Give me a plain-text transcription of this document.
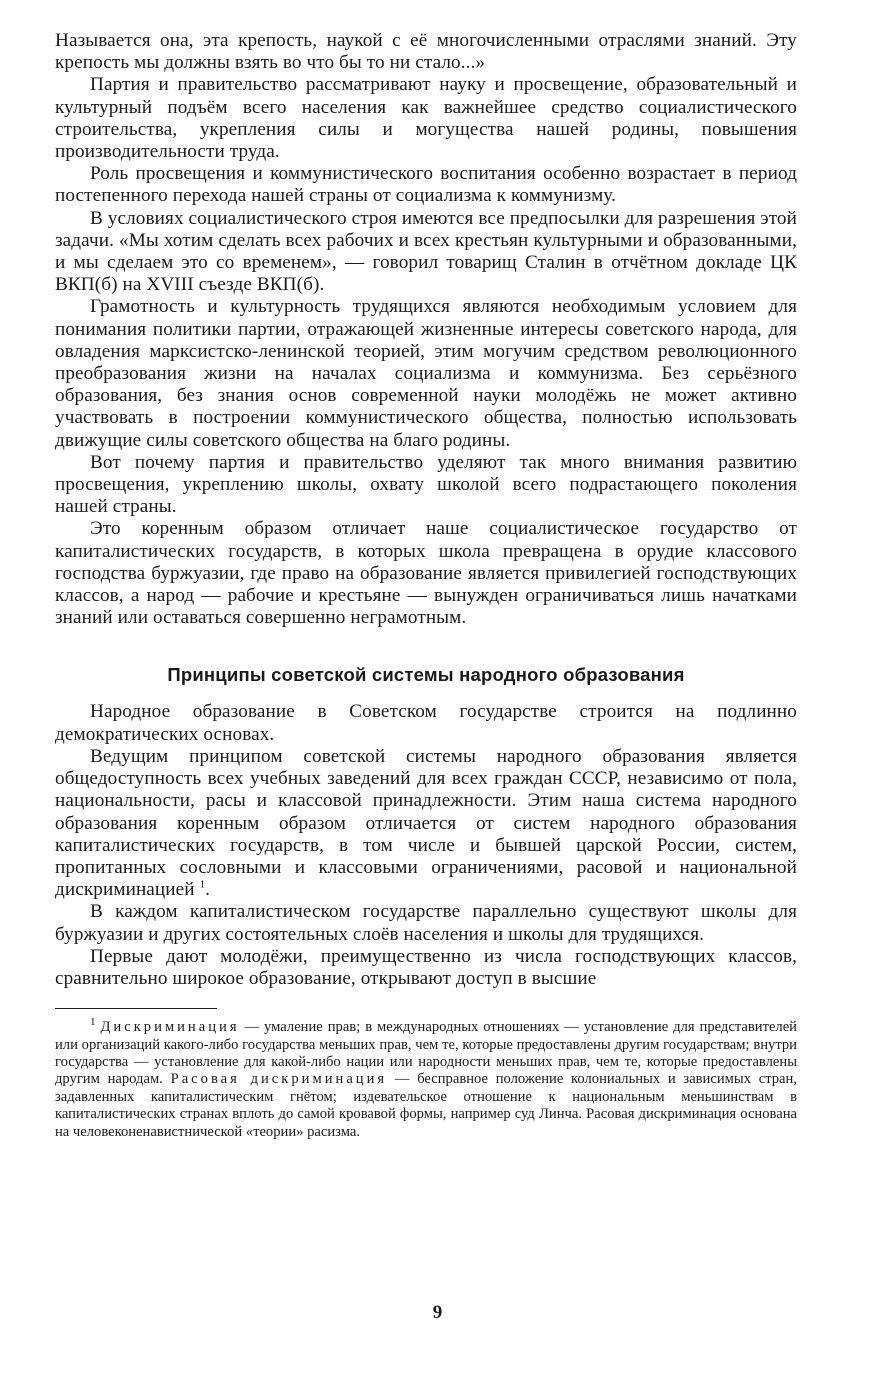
Называется она, эта крепость, наукой с её многочисленными отраслями знаний. Эту крепость мы должны взять во что бы то ни стало...»

Партия и правительство рассматривают науку и просвещение, образовательный и культурный подъём всего населения как важнейшее средство социалистического строительства, укрепления силы и могущества нашей родины, повышения производительности труда.

Роль просвещения и коммунистического воспитания особенно возрастает в период постепенного перехода нашей страны от социализма к коммунизму.

В условиях социалистического строя имеются все предпосылки для разрешения этой задачи. «Мы хотим сделать всех рабочих и всех крестьян культурными и образованными, и мы сделаем это со временем», — говорил товарищ Сталин в отчётном докладе ЦК ВКП(б) на XVIII съезде ВКП(б).

Грамотность и культурность трудящихся являются необходимым условием для понимания политики партии, отражающей жизненные интересы советского народа, для овладения марксистско-ленинской теорией, этим могучим средством революционного преобразования жизни на началах социализма и коммунизма. Без серьёзного образования, без знания основ современной науки молодёжь не может активно участвовать в построении коммунистического общества, полностью использовать движущие силы советского общества на благо родины.

Вот почему партия и правительство уделяют так много внимания развитию просвещения, укреплению школы, охвату школой всего подрастающего поколения нашей страны.

Это коренным образом отличает наше социалистическое государство от капиталистических государств, в которых школа превращена в орудие классового господства буржуазии, где право на образование является привилегией господствующих классов, а народ — рабочие и крестьяне — вынужден ограничиваться лишь начатками знаний или оставаться совершенно неграмотным.

Принципы советской системы народного образования

Народное образование в Советском государстве строится на подлинно демократических основах.

Ведущим принципом советской системы народного образования является общедоступность всех учебных заведений для всех граждан СССР, независимо от пола, национальности, расы и классовой принадлежности. Этим наша система народного образования коренным образом отличается от систем народного образования капиталистических государств, в том числе и бывшей царской России, систем, пропитанных сословными и классовыми ограничениями, расовой и национальной дискриминацией $^1$.

В каждом капиталистическом государстве параллельно существуют школы для буржуазии и других состоятельных слоёв населения и школы для трудящихся.

Первые дают молодёжи, преимущественно из числа господствующих классов, сравнительно широкое образование, открывают доступ в высшие

$^1$ Дискриминация — умаление прав; в международных отношениях — установление для представителей или организаций какого-либо государства меньших прав, чем те, которые предоставлены другим государствам; внутри государства — установление для какой-либо нации или народности меньших прав, чем те, которые предоставлены другим народам. Расовая дискриминация — бесправное положение колониальных и зависимых стран, задавленных капиталистическим гнётом; издевательское отношение к национальным меньшинствам в капиталистических странах вплоть до самой кровавой формы, например суд Линча. Расовая дискриминация основана на человеконенавистнической «теории» расизма.

9
